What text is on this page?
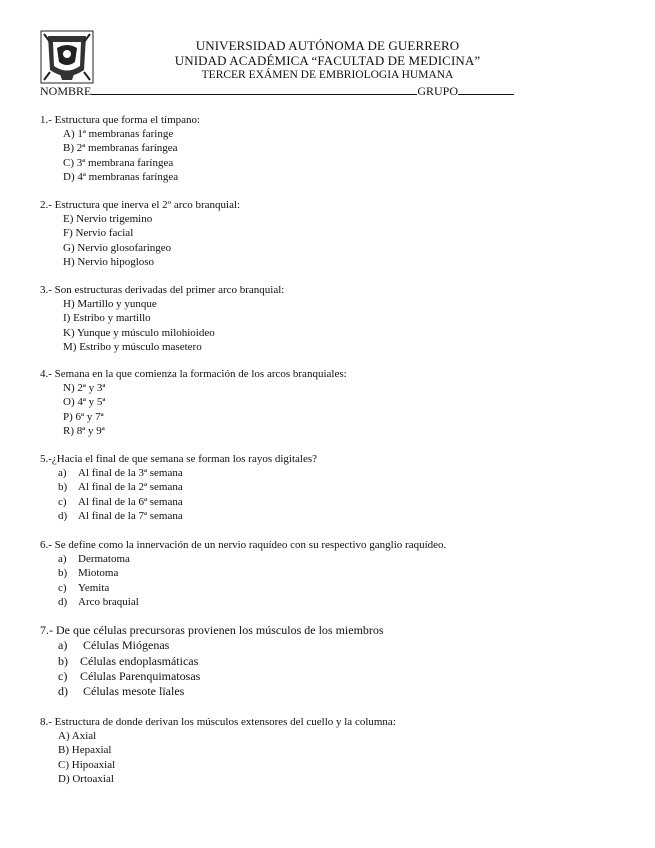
UNIVERSIDAD AUTÓNOMA DE GUERRERO
UNIDAD ACADÉMICA “FACULTAD DE MEDICINA”
TERCER EXÁMEN DE EMBRIOLOGIA HUMANA
NOMBRE	GRUPO
1.- Estructura que forma el tímpano:
A) 1ª membranas faringe
B) 2ª membranas faríngea
C) 3ª membrana faríngea
D) 4ª membranas faríngea
2.- Estructura que inerva el 2º arco branquial:
E) Nervio trigemino
F) Nervio facial
G) Nervio glosofaringeo
H) Nervio hipogloso
3.- Son estructuras derivadas del primer arco branquial:
H) Martillo y yunque
I) Estribo y martillo
K) Yunque y músculo milohioideo
M) Estribo y músculo masetero
4.- Semana en la que comienza la formación de los arcos branquiales:
N) 2ª y 3ª
O) 4ª y 5ª
P) 6ª y 7ª
R) 8ª y 9ª
5.-¿Hacia el final de que semana se forman los rayos digitales?
a) Al final de la 3ª semana
b) Al final de la 2ª semana
c) Al final de la 6ª semana
d) Al final de la 7ª semana
6.- Se define como la innervación de un nervio raquídeo con su respectivo ganglio raquídeo.
a) Dermatoma
b) Miotoma
c) Yemita
d) Arco braquial
7.- De que células precursoras provienen los músculos de los miembros
a) Células Miógenas
b) Células endoplasmáticas
c) Células Parenquimatosas
d) Células mesote lïales
8.- Estructura de donde derivan los músculos extensores del cuello y la columna:
A) Axial
B) Hepaxial
C) Hipoaxial
D) Ortoaxial
